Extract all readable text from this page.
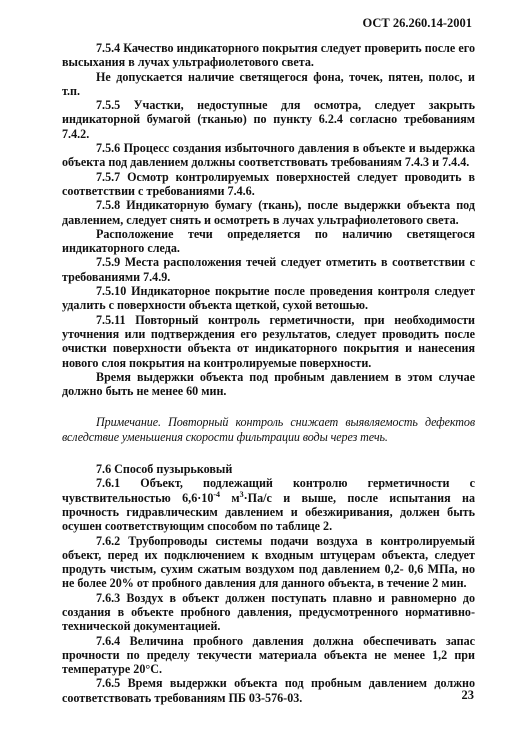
ОСТ 26.260.14-2001

7.5.4 Качество индикаторного покрытия следует проверить после его высыхания в лучах ультрафиолетового света.

Не допускается наличие светящегося фона, точек, пятен, полос, и т.п.

7.5.5 Участки, недоступные для осмотра, следует закрыть индикаторной бумагой (тканью) по пункту 6.2.4 согласно требованиям 7.4.2.

7.5.6 Процесс создания избыточного давления в объекте и выдержка объекта под давлением должны соответствовать требованиям 7.4.3 и 7.4.4.

7.5.7 Осмотр контролируемых поверхностей следует проводить в соответствии с требованиями 7.4.6.

7.5.8 Индикаторную бумагу (ткань), после выдержки объекта под давлением, следует снять и осмотреть в лучах ультрафиолетового света.

Расположение течи определяется по наличию светящегося индикаторного следа.

7.5.9 Места расположения течей следует отметить в соответствии с требованиями 7.4.9.

7.5.10 Индикаторное покрытие после проведения контроля следует удалить с поверхности объекта щеткой, сухой ветошью.

7.5.11 Повторный контроль герметичности, при необходимости уточнения или подтверждения его результатов, следует проводить после очистки поверхности объекта от индикаторного покрытия и нанесения нового слоя покрытия на контролируемые поверхности.

Время выдержки объекта под пробным давлением в этом случае должно быть не менее 60 мин.

Примечание. Повторный контроль снижает выявляемость дефектов вследствие уменьшения скорости фильтрации воды через течь.

7.6 Способ пузырьковый

7.6.1 Объект, подлежащий контролю герметичности с чувствительностью $6,6\cdot 10^{-4}$ $м^3\cdot Па/с$ и выше, после испытания на прочность гидравлическим давлением и обезжиривания, должен быть осушен соответствующим способом по таблице 2.

7.6.2 Трубопроводы системы подачи воздуха в контролируемый объект, перед их подключением к входным штуцерам объекта, следует продуть чистым, сухим сжатым воздухом под давлением 0,2- 0,6 МПа, но не более 20% от пробного давления для данного объекта, в течение 2 мин.

7.6.3 Воздух в объект должен поступать плавно и равномерно до создания в объекте пробного давления, предусмотренного нормативно-технической документацией.

7.6.4 Величина пробного давления должна обеспечивать запас прочности по пределу текучести материала объекта не менее 1,2 при температуре 20°С.

7.6.5 Время выдержки объекта под пробным давлением должно соответствовать требованиям ПБ 03-576-03.	23
